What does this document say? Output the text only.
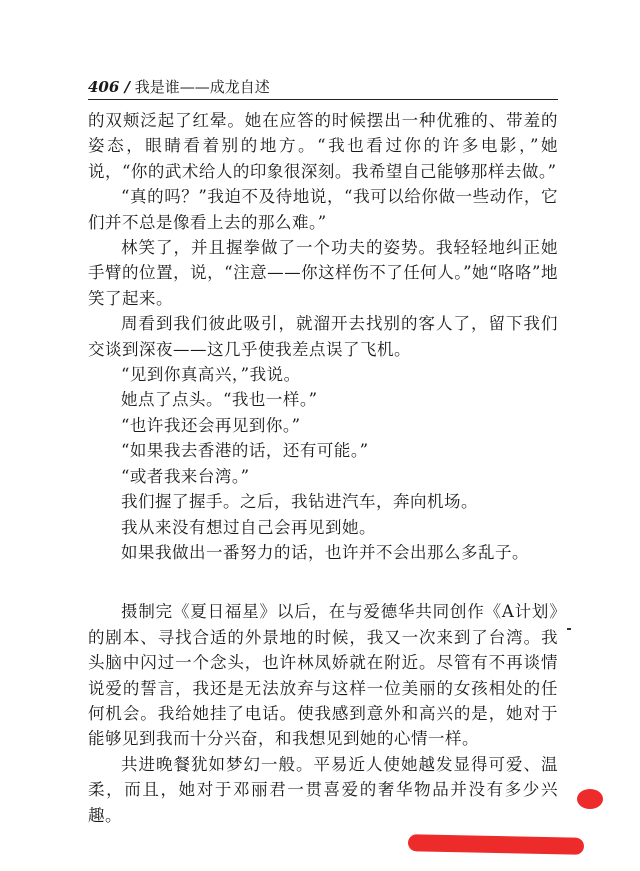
406 / 我是谁——成龙自述

的双颊泛起了红晕。她在应答的时候摆出一种优雅的、带羞的姿态，眼睛看着别的地方。“我也看过你的许多电影，”她说，“你的武术给人的印象很深刻。我希望自己能够那样去做。”

“真的吗？”我迫不及待地说，“我可以给你做一些动作，它们并不总是像看上去的那么难。”

林笑了，并且握拳做了一个功夫的姿势。我轻轻地纠正她手臂的位置，说，“注意——你这样伤不了任何人。”她“咯咯”地笑了起来。

周看到我们彼此吸引，就溜开去找别的客人了，留下我们交谈到深夜——这几乎使我差点误了飞机。

“见到你真高兴，”我说。

她点了点头。“我也一样。”

“也许我还会再见到你。”

“如果我去香港的话，还有可能。”

“或者我来台湾。”

我们握了握手。之后，我钻进汽车，奔向机场。

我从来没有想过自己会再见到她。

如果我做出一番努力的话，也许并不会出那么多乱子。

摄制完《夏日福星》以后，在与爱德华共同创作《A计划》的剧本、寻找合适的外景地的时候，我又一次来到了台湾。我头脑中闪过一个念头，也许林凤娇就在附近。尽管有不再谈情说爱的誓言，我还是无法放弃与这样一位美丽的女孩相处的任何机会。我给她挂了电话。使我感到意外和高兴的是，她对于能够见到我而十分兴奋，和我想见到她的心情一样。

共进晚餐犹如梦幻一般。平易近人使她越发显得可爱、温柔，而且，她对于邓丽君一贯喜爱的奢华物品并没有多少兴趣。
